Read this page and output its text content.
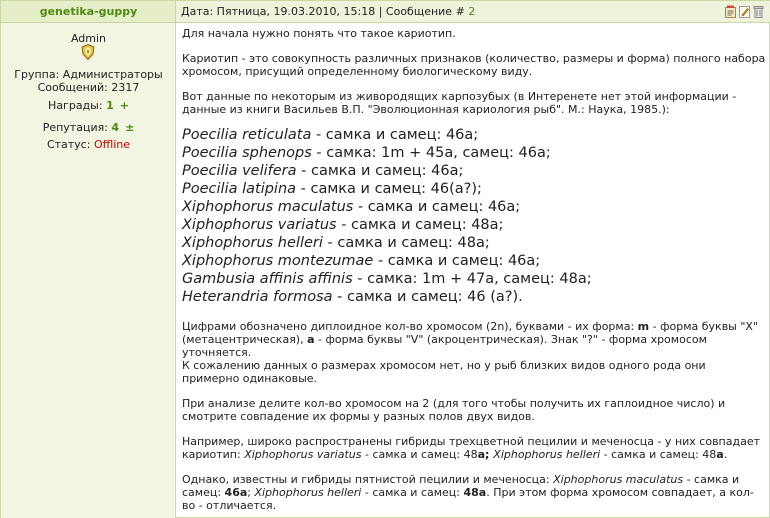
genetika-guppy	Дата: Пятница, 19.03.2010, 15:18 | Сообщение # 2
Admin
Группа: Администраторы
Сообщений: 2317
Награды: 1 +
Репутация: 4 ±
Статус: Offline

Для начала нужно понять что такое кариотип.

Кариотип - это совокупность различных признаков (количество, размеры и форма) полного набора хромосом, присущий определенному биологическому виду.

Вот данные по некоторым из живородящих карпозубых (в Интеренете нет этой информации - данные из книги Васильев В.П. "Эволюционная кариология рыб". М.: Наука, 1985.):

Poecilia reticulata - самка и самец: 46а;
Poecilia sphenops - самка: 1m + 45a, самец: 46a;
Poecilia velifera - самка и самец: 46а;
Poecilia latipina - самка и самец: 46(a?);
Xiphophorus maculatus - самка и самец: 46a;
Xiphophorus variatus - самка и самец: 48а;
Xiphophorus helleri - самка и самец: 48a;
Xiphophorus montezumae - самка и самец: 46a;
Gambusia affinis affinis - самка: 1m + 47a, самец: 48a;
Heterandria formosa - самка и самец: 46 (а?).

Цифрами обозначено диплоидное кол-во хромосом (2n), буквами - их форма: m - форма буквы "X" (метацентрическая), a - форма буквы "V" (акроцентрическая). Знак "?" - форма хромосом уточняется.

К сожалению данных о размерах хромосом нет, но у рыб близких видов одного рода они примерно одинаковые.

При анализе делите кол-во хромосом на 2 (для того чтобы получить их гаплоидное число) и смотрите совпадение их формы у разных полов двух видов.

Например, широко распространены гибриды трехцветной пецилии и меченосца - у них совпадает кариотип: Xiphophorus variatus - самка и самец: 48а; Xiphophorus helleri - самка и самец: 48a.

Однако, известны и гибриды пятнистой пецилии и меченосца: Xiphophorus maculatus - самка и самец: 46a; Xiphophorus helleri - самка и самец: 48a. При этом форма хромосом совпадает, а кол-во - отличается.
